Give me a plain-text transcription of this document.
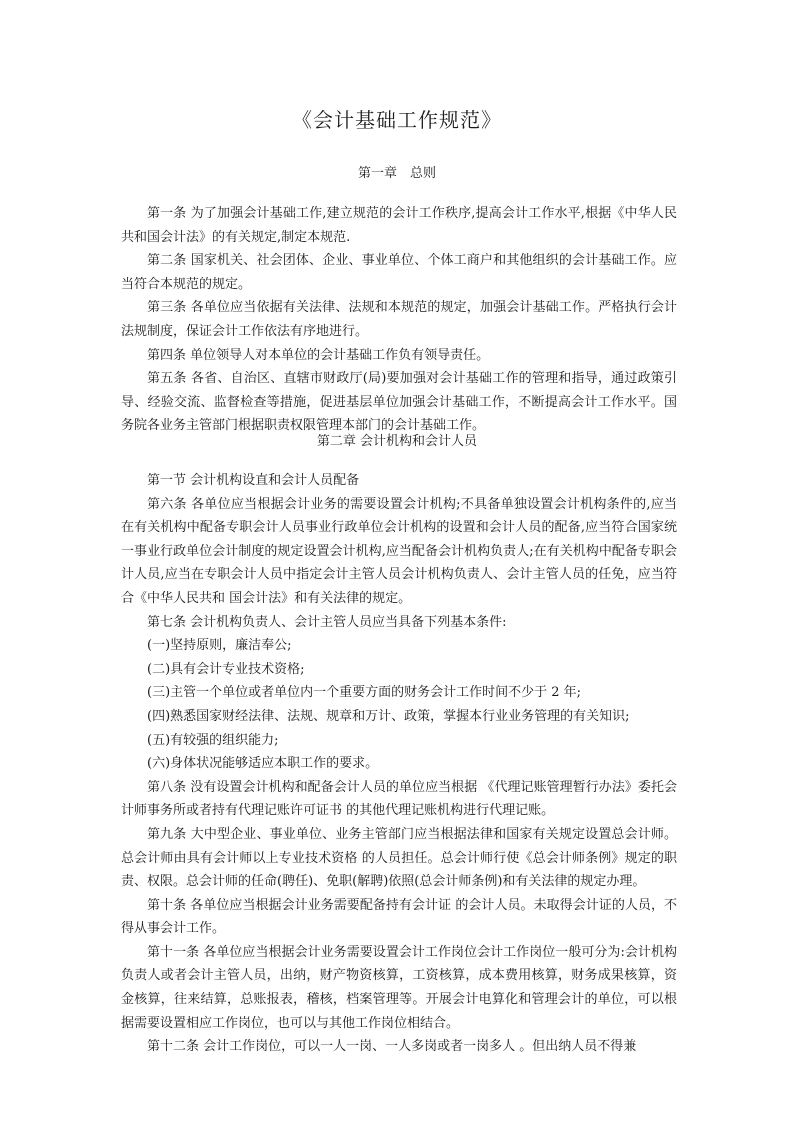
《会计基础工作规范》
第一章　总则

第一条 为了加强会计基础工作,建立规范的会计工作秩序,提高会计工作水平,根据《中华人民共和国会计法》的有关规定,制定本规范.

第二条 国家机关、社会团体、企业、事业单位、个体工商户和其他组织的会计基础工作。应当符合本规范的规定。

第三条 各单位应当依据有关法律、法规和本规范的规定，加强会计基础工作。严格执行会计法规制度，保证会计工作依法有序地进行。

第四条 单位领导人对本单位的会计基础工作负有领导责任。

第五条 各省、自治区、直辖市财政厅(局)要加强对会计基础工作的管理和指导，通过政策引导、经验交流、监督检查等措施，促进基层单位加强会计基础工作，不断提高会计工作水平。国务院各业务主管部门根据职责权限管理本部门的会计基础工作。

第二章 会计机构和会计人员

第一节 会计机构设直和会计人员配备

第六条 各单位应当根据会计业务的需要设置会计机构;不具备单独设置会计机构条件的,应当在有关机构中配备专职会计人员事业行政单位会计机构的设置和会计人员的配备,应当符合国家统一事业行政单位会计制度的规定设置会计机构,应当配备会计机构负责人;在有关机构中配备专职会计人员,应当在专职会计人员中指定会计主管人员会计机构负责人、会计主管人员的任免，应当符合《中华人民共和 国会计法》和有关法律的规定。

第七条 会计机构负责人、会计主管人员应当具备下列基本条件:

(一)坚持原则，廉洁奉公;

(二)具有会计专业技术资格;

(三)主管一个单位或者单位内一个重要方面的财务会计工作时间不少于 2 年;

(四)熟悉国家财经法律、法规、规章和万计、政策，掌握本行业业务管理的有关知识;

(五)有较强的组织能力;

(六)身体状况能够适应本职工作的要求。

第八条 没有设置会计机构和配备会计人员的单位应当根据 《代理记账管理暂行办法》委托会计师事务所或者持有代理记账许可证书 的其他代理记账机构进行代理记账。

第九条 大中型企业、事业单位、业务主管部门应当根据法律和国家有关规定设置总会计师。总会计师由具有会计师以上专业技术资格 的人员担任。总会计师行使《总会计师条例》规定的职责、权限。总会计师的任命(聘任)、免职(解聘)依照(总会计师条例)和有关法律的规定办理。

第十条 各单位应当根据会计业务需要配备持有会计证 的会计人员。未取得会计证的人员，不得从事会计工作。

第十一条 各单位应当根据会计业务需要设置会计工作岗位会计工作岗位一般可分为:会计机构负责人或者会计主管人员，出纳，财产物资核算，工资核算，成本费用核算，财务成果核算，资金核算，往来结算，总账报表，稽核，档案管理等。开展会计电算化和管理会计的单位，可以根据需要设置相应工作岗位，也可以与其他工作岗位相结合。

第十二条 会计工作岗位，可以一人一岗、一人多岗或者一岗多人 。但出纳人员不得兼
